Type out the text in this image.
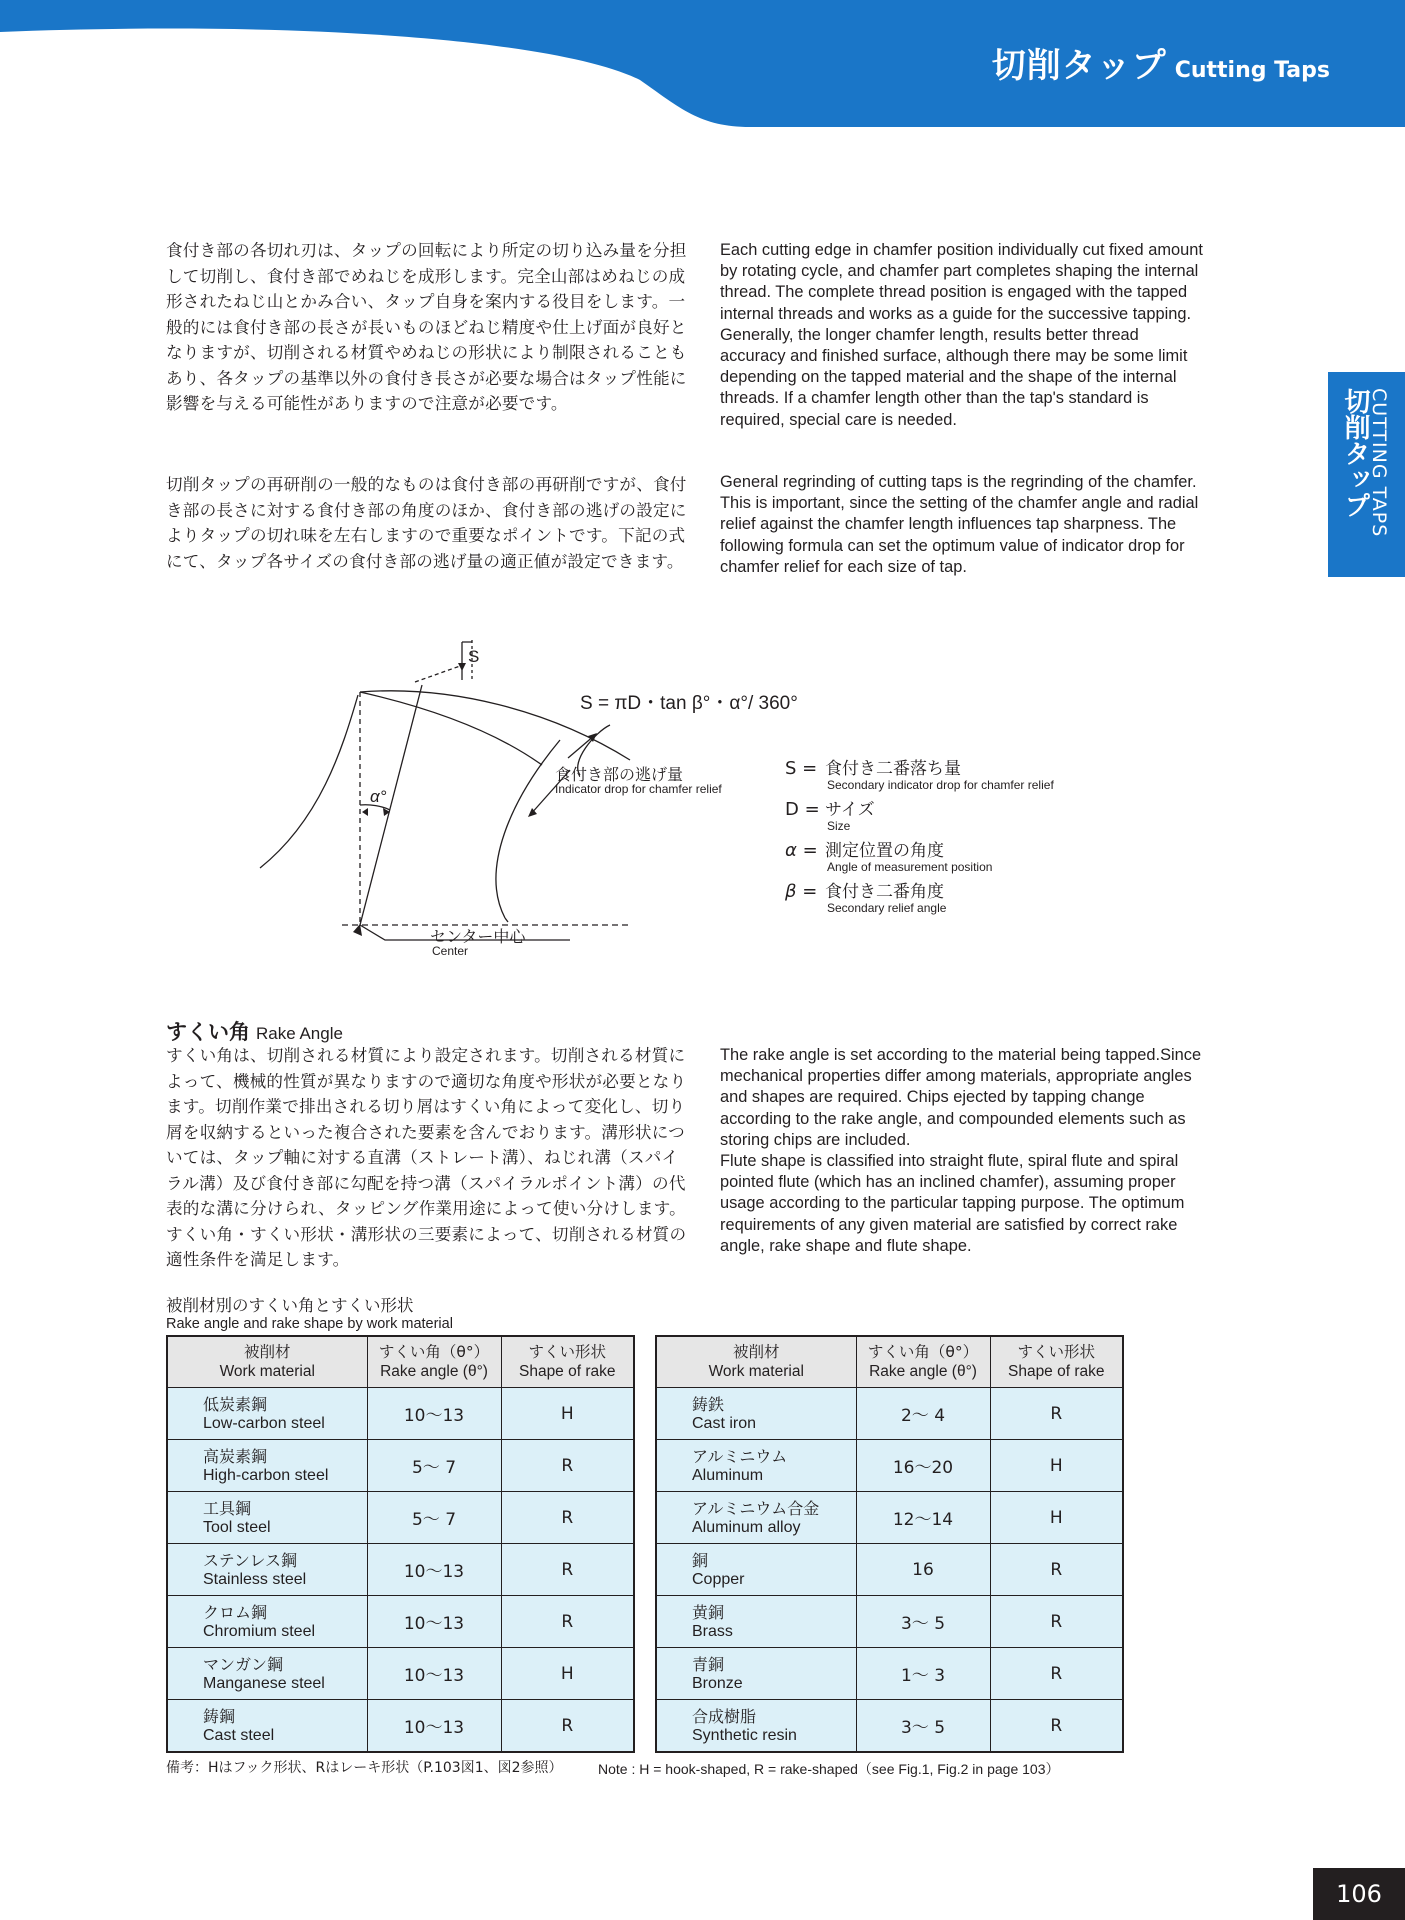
切削タップ Cutting Taps
CUTTING TAPS
切削タップ

食付き部の各切れ刃は、タップの回転により所定の切り込み量を分担して切削し、食付き部でめねじを成形します。完全山部はめねじの成形されたねじ山とかみ合い、タップ自身を案内する役目をします。一般的には食付き部の長さが長いものほどねじ精度や仕上げ面が良好となりますが、切削される材質やめねじの形状により制限されることもあり、各タップの基準以外の食付き長さが必要な場合はタップ性能に影響を与える可能性がありますので注意が必要です。

Each cutting edge in chamfer position individually cut fixed amount
by rotating cycle, and chamfer part completes shaping the internal
thread. The complete thread position is engaged with the tapped
internal threads and works as a guide for the successive tapping.
Generally, the longer chamfer length, results better thread
accuracy and finished surface, although there may be some limit
depending on the tapped material and the shape of the internal
threads. If a chamfer length other than the tap's standard is
required, special care is needed.

切削タップの再研削の一般的なものは食付き部の再研削ですが、食付き部の長さに対する食付き部の角度のほか、食付き部の逃げの設定によりタップの切れ味を左右しますので重要なポイントです。下記の式にて、タップ各サイズの食付き部の逃げ量の適正値が設定できます。

General regrinding of cutting taps is the regrinding of the chamfer.
This is important, since the setting of the chamfer angle and radial
relief against the chamfer length influences tap sharpness. The
following formula can set the optimum value of indicator drop for
chamfer relief for each size of tap.

S
α°
S = πD・tan β°・α°/ 360°
食付き部の逃げ量
Indicator drop for chamfer relief
センター中心
Center
S = 食付き二番落ち量
Secondary indicator drop for chamfer relief
D = サイズ
Size
α = 測定位置の角度
Angle of measurement position
β = 食付き二番角度
Secondary relief angle
すくい角 Rake Angle

すくい角は、切削される材質により設定されます。切削される材質によって、機械的性質が異なりますので適切な角度や形状が必要となります。切削作業で排出される切り屑はすくい角によって変化し、切り屑を収納するといった複合された要素を含んでおります。溝形状については、タップ軸に対する直溝（ストレート溝）、ねじれ溝（スパイラル溝）及び食付き部に勾配を持つ溝（スパイラルポイント溝）の代表的な溝に分けられ、タッピング作業用途によって使い分けします。すくい角・すくい形状・溝形状の三要素によって、切削される材質の適性条件を満足します。

The rake angle is set according to the material being tapped.Since
mechanical properties differ among materials, appropriate angles
and shapes are required. Chips ejected by tapping change
according to the rake angle, and compounded elements such as
storing chips are included.
Flute shape is classified into straight flute, spiral flute and spiral
pointed flute (which has an inclined chamfer), assuming proper
usage according to the particular tapping purpose. The optimum
requirements of any given material are satisfied by correct rake
angle, rake shape and flute shape.

被削材別のすくい角とすくい形状
Rake angle and rake shape by work material
被削材
Work material	すくい角（θ°）
Rake angle (θ°)	すくい形状
Shape of rake

低炭素鋼
Low-carbon steel	10～13	H
高炭素鋼
High-carbon steel	5～ 7	R
工具鋼
Tool steel	5～ 7	R
ステンレス鋼
Stainless steel	10～13	R
クロム鋼
Chromium steel	10～13	R
マンガン鋼
Manganese steel	10～13	H
鋳鋼
Cast steel	10～13	R
被削材
Work material	すくい角（θ°）
Rake angle (θ°)	すくい形状
Shape of rake

鋳鉄
Cast iron	2～ 4	R
アルミニウム
Aluminum	16～20	H
アルミニウム合金
Aluminum alloy	12～14	H
銅
Copper	16	R
黄銅
Brass	3～ 5	R
青銅
Bronze	1～ 3	R
合成樹脂
Synthetic resin	3～ 5	R
備考：Hはフック形状、Rはレーキ形状（P.103図1、図2参照）	Note : H = hook-shaped, R = rake-shaped（see Fig.1, Fig.2 in page 103）
106
